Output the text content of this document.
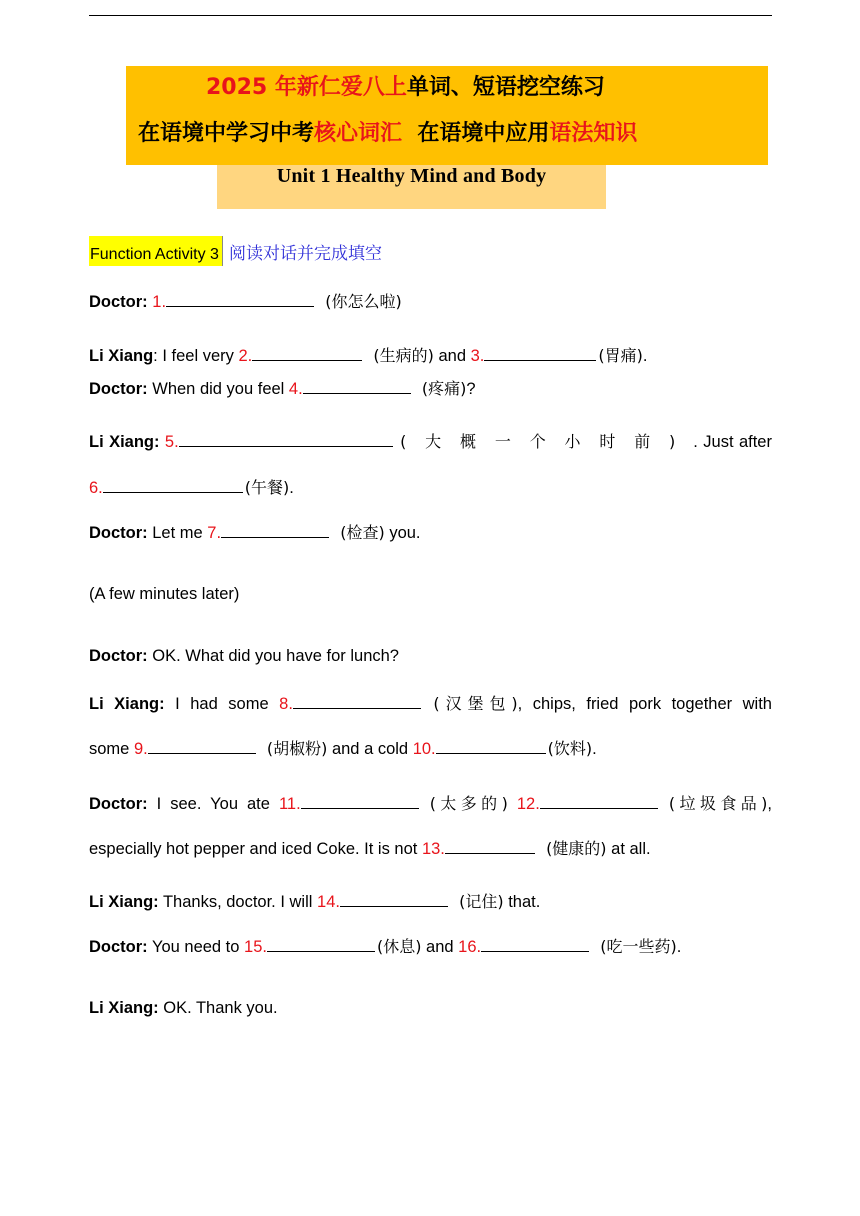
2025 年新仁爱八上单词、短语挖空练习
在语境中学习中考核心词汇 在语境中应用语法知识
Unit 1 Healthy Mind and Body
Function Activity 3 阅读对话并完成填空
Doctor: 1.	(你怎么啦)
Li Xiang: I feel very 2.	(生病的) and 3.	(胃痛).
Doctor: When did you feel 4.	(疼痛)?
Li Xiang: 5.	(大概一个小时前). Just after
6.	(午餐).
Doctor: Let me 7.	(检查) you.
(A few minutes later)
Doctor: OK. What did you have for lunch?
Li Xiang: I had some 8.	(汉堡包), chips, fried pork together with
some 9.	(胡椒粉) and a cold 10.	(饮料).
Doctor: I see. You ate 11.	(太多的) 12.	(垃圾食品),
especially hot pepper and iced Coke. It is not 13.	(健康的) at all.
Li Xiang: Thanks, doctor. I will 14.	(记住) that.
Doctor: You need to 15.	(休息) and 16.	(吃一些药).
Li Xiang: OK. Thank you.
